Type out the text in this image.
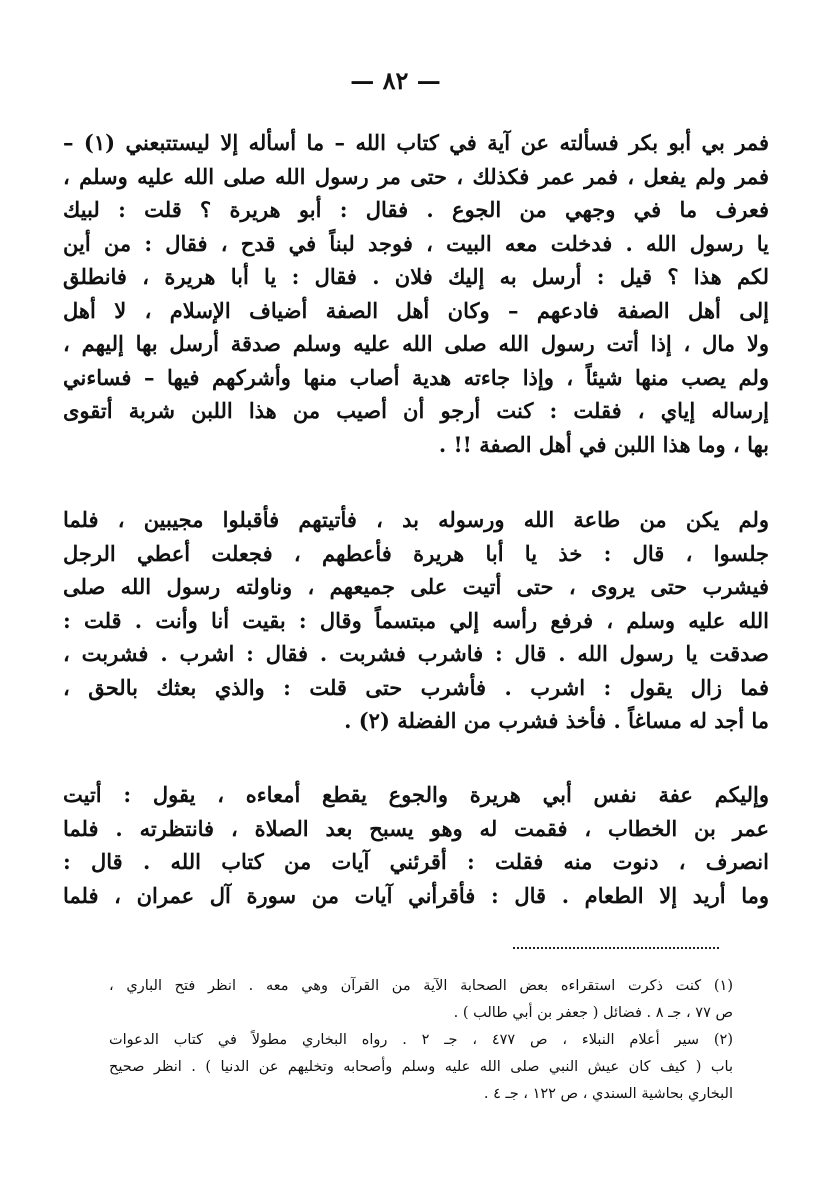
— ٨٢ —
فمر بي أبو بكر فسألته عن آية في كتاب الله – ما أسأله إلا ليستتبعني (١) –
فمر ولم يفعل ، فمر عمر فكذلك ، حتى مر رسول الله صلى الله عليه وسلم ،
فعرف ما في وجهي من الجوع . فقال : أبو هريرة ؟ قلت : لبيك
يا رسول الله . فدخلت معه البيت ، فوجد لبناً في قدح ، فقال : من أين
لكم هذا ؟ قيل : أرسل به إليك فلان . فقال : يا أبا هريرة ، فانطلق
إلى أهل الصفة فادعهم – وكان أهل الصفة أضياف الإسلام ، لا أهل
ولا مال ، إذا أتت رسول الله صلى الله عليه وسلم صدقة أرسل بها إليهم ،
ولم يصب منها شيئاً ، وإذا جاءته هدية أصاب منها وأشركهم فيها – فساءني
إرساله إياي ، فقلت : كنت أرجو أن أصيب من هذا اللبن شربة أتقوى
بها ، وما هذا اللبن في أهل الصفة !! .
ولم يكن من طاعة الله ورسوله بد ، فأتيتهم فأقبلوا مجيبين ، فلما
جلسوا ، قال : خذ يا أبا هريرة فأعطهم ، فجعلت أعطي الرجل
فيشرب حتى يروى ، حتى أتيت على جميعهم ، وناولته رسول الله صلى
الله عليه وسلم ، فرفع رأسه إلي مبتسماً وقال : بقيت أنا وأنت . قلت :
صدقت يا رسول الله . قال : فاشرب فشربت . فقال : اشرب . فشربت ،
فما زال يقول : اشرب . فأشرب حتى قلت : والذي بعثك بالحق ،
ما أجد له مساغاً . فأخذ فشرب من الفضلة (٢) .
وإليكم عفة نفس أبي هريرة والجوع يقطع أمعاءه ، يقول : أتيت
عمر بن الخطاب ، فقمت له وهو يسبح بعد الصلاة ، فانتظرته . فلما
انصرف ، دنوت منه فقلت : أقرئني آيات من كتاب الله . قال :
وما أريد إلا الطعام . قال : فأقرأني آيات من سورة آل عمران ، فلما
(١) كنت ذكرت استقراءه بعض الصحابة الآية من القرآن وهي معه . انظر فتح الباري ،
ص ٧٧ ، جـ ٨ . فضائل ( جعفر بن أبي طالب ) .
(٢) سير أعلام النبلاء ، ص ٤٧٧ ، جـ ٢ . رواه البخاري مطولاً في كتاب الدعوات
باب ( كيف كان عيش النبي صلى الله عليه وسلم وأصحابه وتخليهم عن الدنيا ) . انظر صحيح
البخاري بحاشية السندي ، ص ١٢٢ ، جـ ٤ .
